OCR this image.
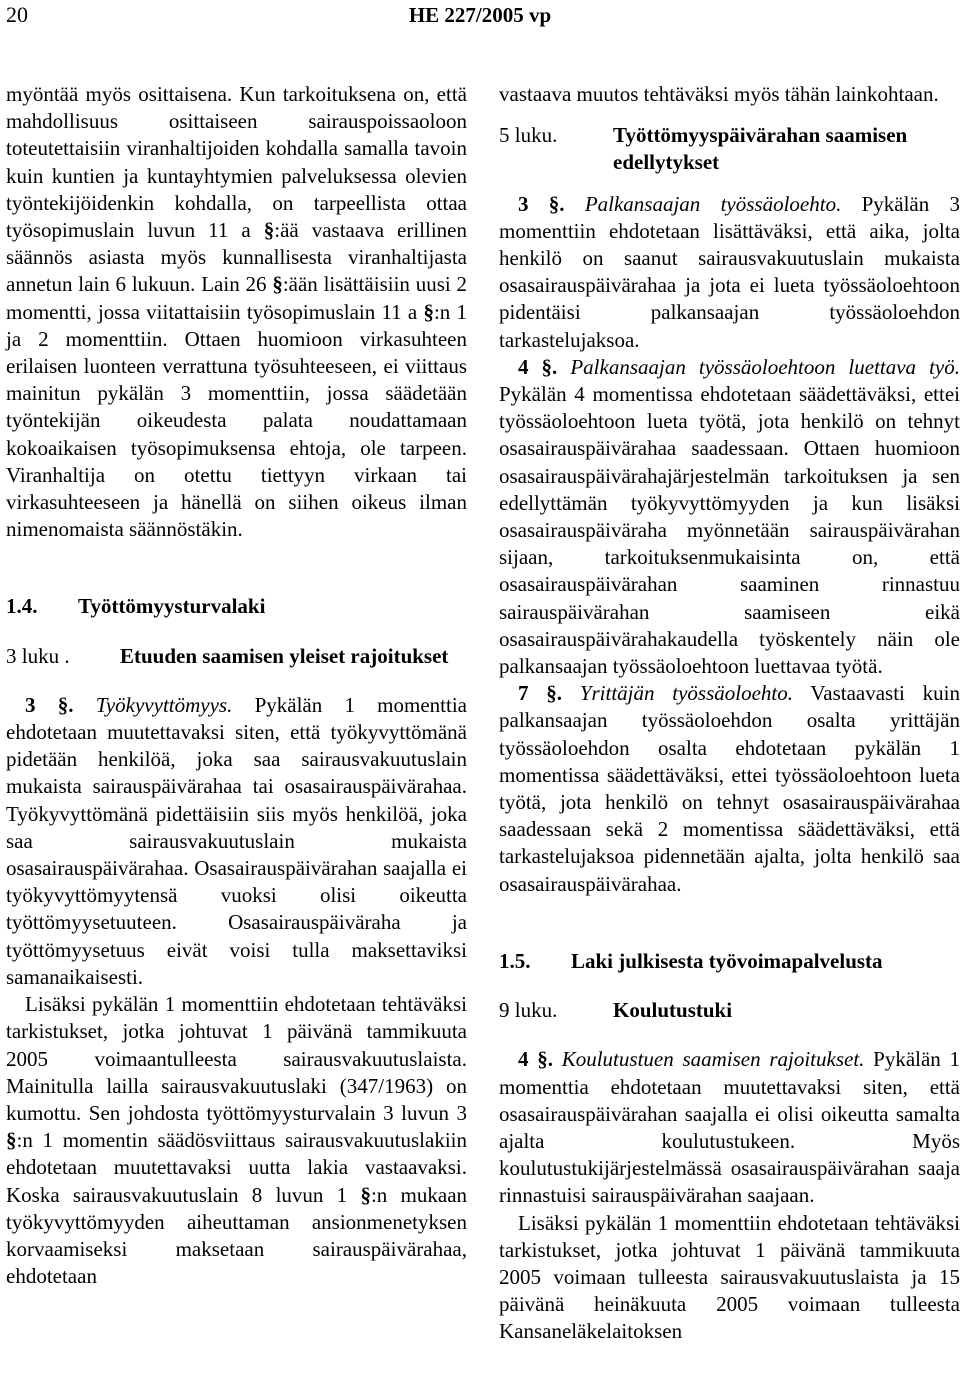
20	HE 227/2005 vp

myöntää myös osittaisena. Kun tarkoituksena on, että mahdollisuus osittaiseen sairauspoissaoloon toteutettaisiin viranhaltijoiden kohdalla samalla tavoin kuin kuntien ja kuntayhtymien palveluksessa olevien työntekijöidenkin kohdalla, on tarpeellista ottaa työsopimuslain luvun 11 a §:ää vastaava erillinen säännös asiasta myös kunnallisesta viranhaltijasta annetun lain 6 lukuun. Lain 26 §:ään lisättäisiin uusi 2 momentti, jossa viitattaisiin työsopimuslain 11 a §:n 1 ja 2 momenttiin. Ottaen huomioon virkasuhteen erilaisen luonteen verrattuna työsuhteeseen, ei viittaus mainitun pykälän 3 momenttiin, jossa säädetään työntekijän oikeudesta palata noudattamaan kokoaikaisen työsopimuksensa ehtoja, ole tarpeen. Viranhaltija on otettu tiettyyn virkaan tai virkasuhteeseen ja hänellä on siihen oikeus ilman nimenomaista säännöstäkin.

1.4.	Työttömyysturvalaki
3 luku .	Etuuden saamisen yleiset rajoitukset

3 §. Työkyvyttömyys. Pykälän 1 momenttia ehdotetaan muutettavaksi siten, että työkyvyttömänä pidetään henkilöä, joka saa sairausvakuutuslain mukaista sairauspäivärahaa tai osasairauspäivärahaa. Työkyvyttömänä pidettäisiin siis myös henkilöä, joka saa sairausvakuutuslain mukaista osasairauspäivärahaa. Osasairauspäivärahan saajalla ei työkyvyttömyytensä vuoksi olisi oikeutta työttömyysetuuteen. Osasairauspäiväraha ja työttömyysetuus eivät voisi tulla maksettaviksi samanaikaisesti.

Lisäksi pykälän 1 momenttiin ehdotetaan tehtäväksi tarkistukset, jotka johtuvat 1 päivänä tammikuuta 2005 voimaantulleesta sairausvakuutuslaista. Mainitulla lailla sairausvakuutuslaki (347/1963) on kumottu. Sen johdosta työttömyysturvalain 3 luvun 3 §:n 1 momentin säädösviittaus sairausvakuutuslakiin ehdotetaan muutettavaksi uutta lakia vastaavaksi. Koska sairausvakuutuslain 8 luvun 1 §:n mukaan työkyvyttömyyden aiheuttaman ansionmenetyksen korvaamiseksi maksetaan sairauspäivärahaa, ehdotetaan

vastaava muutos tehtäväksi myös tähän lainkohtaan.

5 luku.	Työttömyyspäivärahan saamisen edellytykset

3 §. Palkansaajan työssäoloehto. Pykälän 3 momenttiin ehdotetaan lisättäväksi, että aika, jolta henkilö on saanut sairausvakuutuslain mukaista osasairauspäivärahaa ja jota ei lueta työssäoloehtoon pidentäisi palkansaajan työssäoloehdon tarkastelujaksoa.

4 §. Palkansaajan työssäoloehtoon luettava työ. Pykälän 4 momentissa ehdotetaan säädettäväksi, ettei työssäoloehtoon lueta työtä, jota henkilö on tehnyt osasairauspäivärahaa saadessaan. Ottaen huomioon osasairauspäivärahajärjestelmän tarkoituksen ja sen edellyttämän työkyvyttömyyden ja kun lisäksi osasairauspäiväraha myönnetään sairauspäivärahan sijaan, tarkoituksenmukaisinta on, että osasairauspäivärahan saaminen rinnastuu sairauspäivärahan saamiseen eikä osasairauspäivärahakaudella työskentely näin ole palkansaajan työssäoloehtoon luettavaa työtä.

7 §. Yrittäjän työssäoloehto. Vastaavasti kuin palkansaajan työssäoloehdon osalta yrittäjän työssäoloehdon osalta ehdotetaan pykälän 1 momentissa säädettäväksi, ettei työssäoloehtoon lueta työtä, jota henkilö on tehnyt osasairauspäivärahaa saadessaan sekä 2 momentissa säädettäväksi, että tarkastelujaksoa pidennetään ajalta, jolta henkilö saa osasairauspäivärahaa.

1.5.	Laki julkisesta työvoimapalvelusta
9 luku.	Koulutustuki

4 §. Koulutustuen saamisen rajoitukset. Pykälän 1 momenttia ehdotetaan muutettavaksi siten, että osasairauspäivärahan saajalla ei olisi oikeutta samalta ajalta koulutustukeen. Myös koulutustukijärjestelmässä osasairauspäivärahan saaja rinnastuisi sairauspäivärahan saajaan.

Lisäksi pykälän 1 momenttiin ehdotetaan tehtäväksi tarkistukset, jotka johtuvat 1 päivänä tammikuuta 2005 voimaan tulleesta sairausvakuutuslaista ja 15 päivänä heinäkuuta 2005 voimaan tulleesta Kansaneläkelaitoksen
